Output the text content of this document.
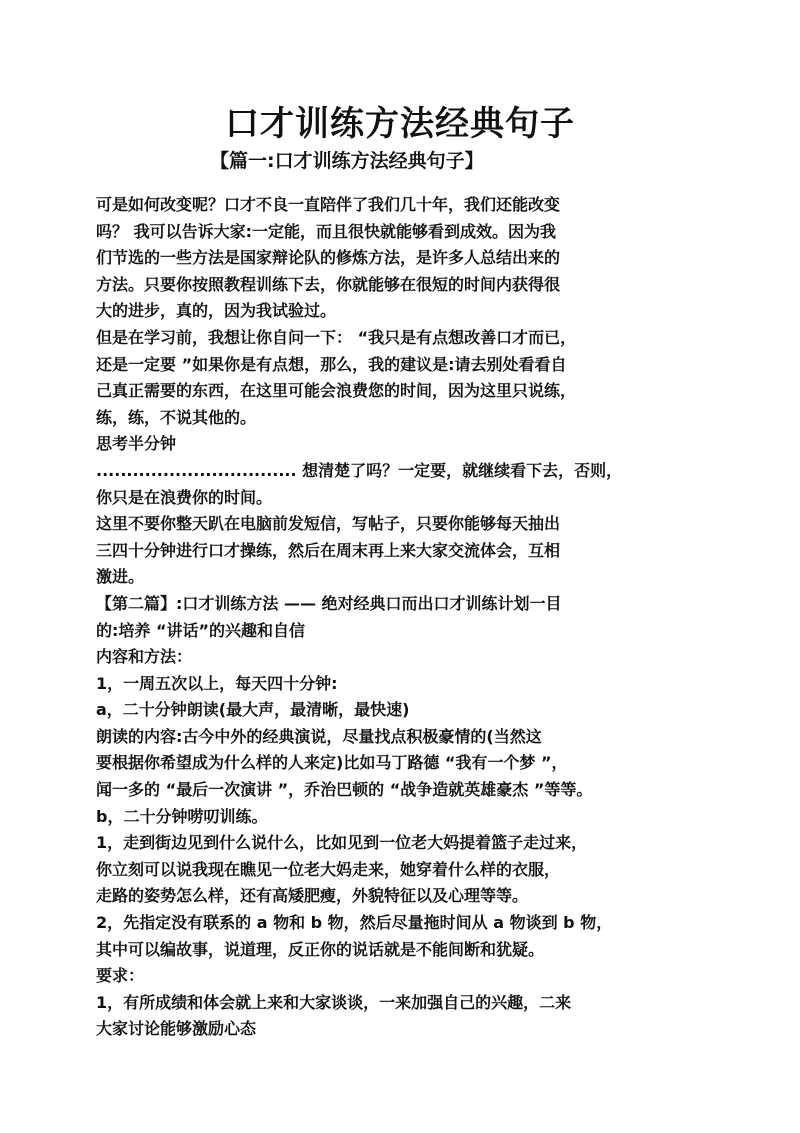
口才训练方法经典句子
【篇一:口才训练方法经典句子】
可是如何改变呢？口才不良一直陪伴了我们几十年，我们还能改变
吗？ 我可以告诉大家:一定能，而且很快就能够看到成效。因为我
们节选的一些方法是国家辩论队的修炼方法，是许多人总结出来的
方法。只要你按照教程训练下去，你就能够在很短的时间内获得很
大的进步，真的，因为我试验过。
但是在学习前，我想让你自问一下： “我只是有点想改善口才而已，
还是一定要 ”如果你是有点想，那么，我的建议是:请去别处看看自
己真正需要的东西，在这里可能会浪费您的时间，因为这里只说练，
练，练，不说其他的。
思考半分钟
................................. 想清楚了吗？一定要，就继续看下去，否则，
你只是在浪费你的时间。
这里不要你整天趴在电脑前发短信，写帖子，只要你能够每天抽出
三四十分钟进行口才操练，然后在周末再上来大家交流体会，互相
激进。
【第二篇】:口才训练方法 —— 绝对经典口而出口才训练计划一目
的:培养 “讲话”的兴趣和自信
内容和方法：
1，一周五次以上，每天四十分钟:
a，二十分钟朗读(最大声，最清晰，最快速)
朗读的内容:古今中外的经典演说，尽量找点积极豪情的(当然这
要根据你希望成为什么样的人来定)比如马丁路德 “我有一个梦 ”，
闻一多的 “最后一次演讲 ”，乔治巴顿的 “战争造就英雄豪杰 ”等等。
b，二十分钟唠叨训练。
1，走到街边见到什么说什么，比如见到一位老大妈提着篮子走过来，
你立刻可以说我现在瞧见一位老大妈走来，她穿着什么样的衣服，
走路的姿势怎么样，还有高矮肥瘦，外貌特征以及心理等等。
2，先指定没有联系的 a 物和 b 物，然后尽量拖时间从 a 物谈到 b 物，
其中可以编故事，说道理，反正你的说话就是不能间断和犹疑。
要求：
1，有所成绩和体会就上来和大家谈谈，一来加强自己的兴趣，二来
大家讨论能够激励心态
